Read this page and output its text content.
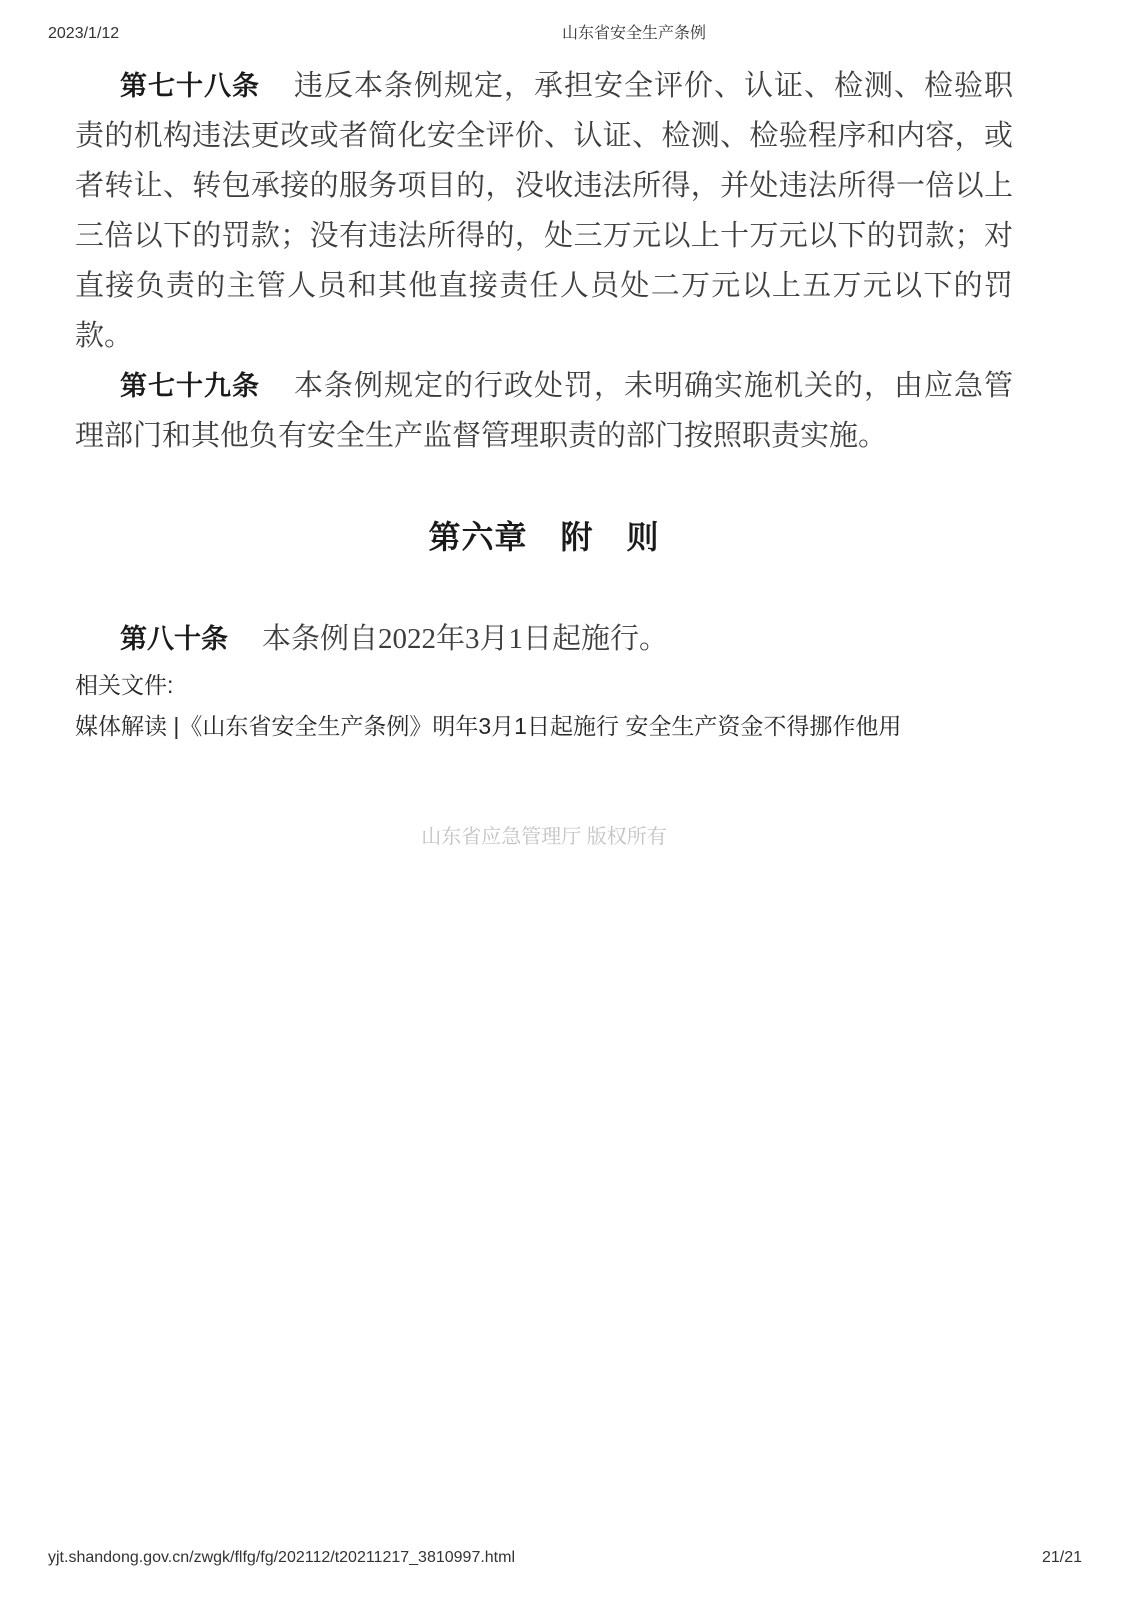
2023/1/12	山东省安全生产条例

第七十八条 违反本条例规定，承担安全评价、认证、检测、检验职责的机构违法更改或者简化安全评价、认证、检测、检验程序和内容，或者转让、转包承接的服务项目的，没收违法所得，并处违法所得一倍以上三倍以下的罚款；没有违法所得的，处三万元以上十万元以下的罚款；对直接负责的主管人员和其他直接责任人员处二万元以上五万元以下的罚款。

第七十九条 本条例规定的行政处罚，未明确实施机关的，由应急管理部门和其他负有安全生产监督管理职责的部门按照职责实施。

第六章　附　则

第八十条 本条例自2022年3月1日起施行。

相关文件:
媒体解读 |《山东省安全生产条例》明年3月1日起施行 安全生产资金不得挪作他用
山东省应急管理厅 版权所有
yjt.shandong.gov.cn/zwgk/flfg/fg/202112/t20211217_3810997.html	21/21
